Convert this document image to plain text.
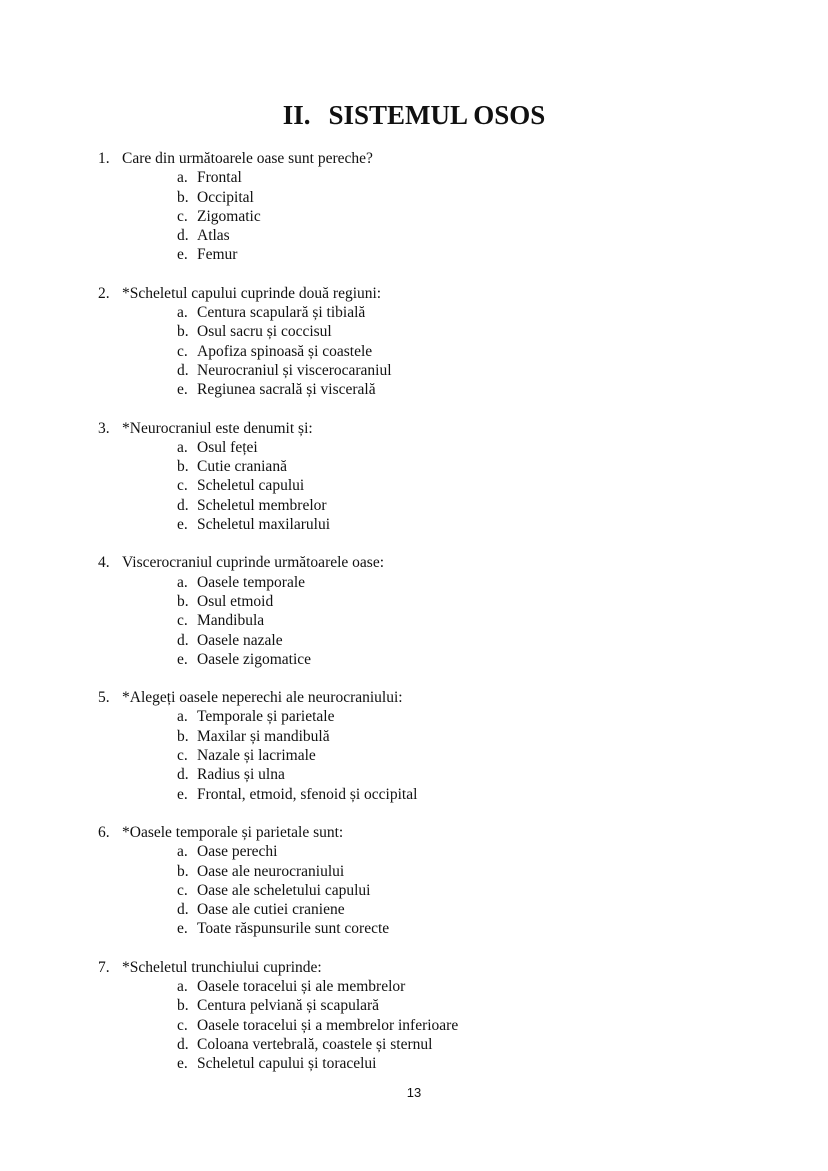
II. SISTEMUL OSOS
1. Care din următoarele oase sunt pereche?
a. Frontal
b. Occipital
c. Zigomatic
d. Atlas
e. Femur
2. *Scheletul capului cuprinde două regiuni:
a. Centura scapulară și tibială
b. Osul sacru și coccisul
c. Apofiza spinoasă și coastele
d. Neurocraniul și viscerocaraniul
e. Regiunea sacrală și viscerală
3. *Neurocraniul este denumit și:
a. Osul feței
b. Cutie craniană
c. Scheletul capului
d. Scheletul membrelor
e. Scheletul maxilarului
4. Viscerocraniul cuprinde următoarele oase:
a. Oasele temporale
b. Osul etmoid
c. Mandibula
d. Oasele nazale
e. Oasele zigomatice
5. *Alegeți oasele neperechi ale neurocraniului:
a. Temporale și parietale
b. Maxilar și mandibulă
c. Nazale și lacrimale
d. Radius și ulna
e. Frontal, etmoid, sfenoid și occipital
6. *Oasele temporale și parietale sunt:
a. Oase perechi
b. Oase ale neurocraniului
c. Oase ale scheletului capului
d. Oase ale cutiei craniene
e. Toate răspunsurile sunt corecte
7. *Scheletul trunchiului cuprinde:
a. Oasele toracelui și ale membrelor
b. Centura pelviană și scapulară
c. Oasele toracelui și a membrelor inferioare
d. Coloana vertebrală, coastele și sternul
e. Scheletul capului și toracelui
13
